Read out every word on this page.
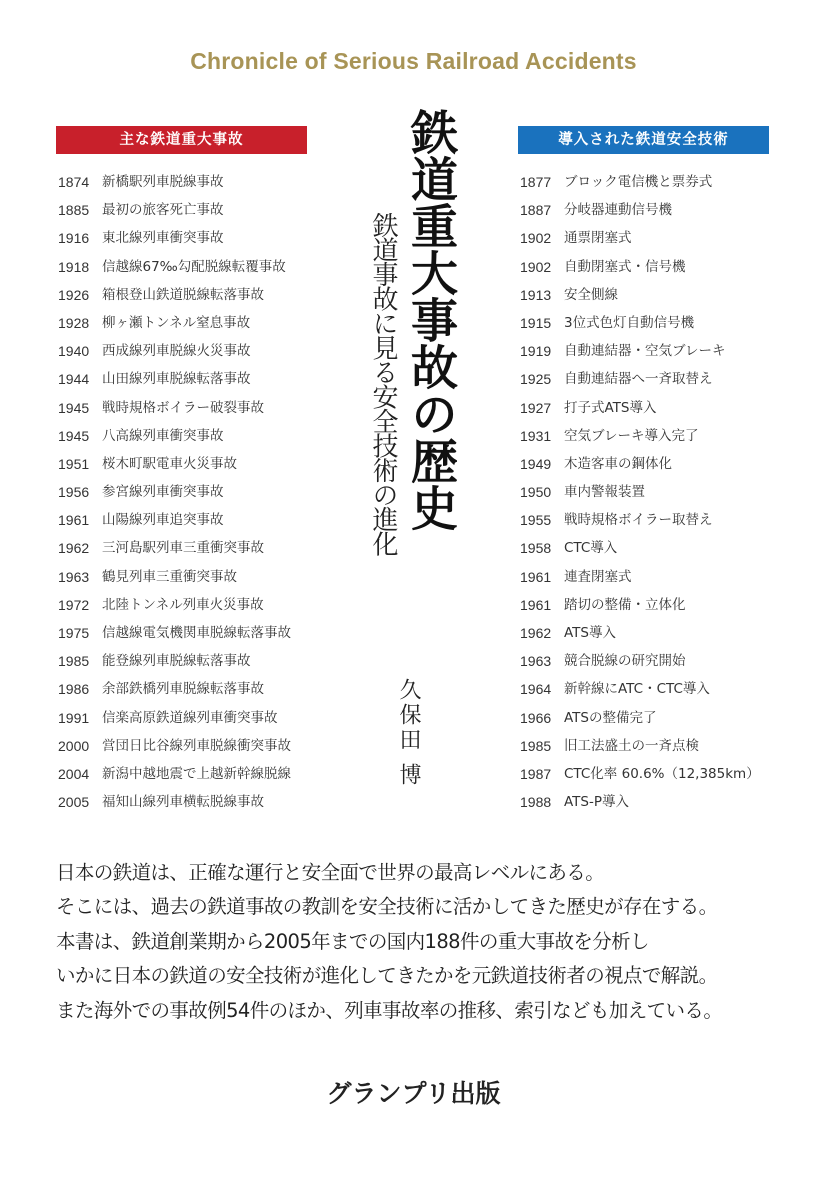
Chronicle of Serious Railroad Accidents
主な鉄道重大事故	導入された鉄道安全技術
1874 新橋駅列車脱線事故
1885 最初の旅客死亡事故
1916 東北線列車衝突事故
1918 信越線67‰勾配脱線転覆事故
1926 箱根登山鉄道脱線転落事故
1928 柳ヶ瀬トンネル窒息事故
1940 西成線列車脱線火災事故
1944 山田線列車脱線転落事故
1945 戦時規格ボイラー破裂事故
1945 八高線列車衝突事故
1951 桜木町駅電車火災事故
1956 参宮線列車衝突事故
1961 山陽線列車追突事故
1962 三河島駅列車三重衝突事故
1963 鶴見列車三重衝突事故
1972 北陸トンネル列車火災事故
1975 信越線電気機関車脱線転落事故
1985 能登線列車脱線転落事故
1986 余部鉄橋列車脱線転落事故
1991 信楽高原鉄道線列車衝突事故
2000 営団日比谷線列車脱線衝突事故
2004 新潟中越地震で上越新幹線脱線
2005 福知山線列車横転脱線事故
1877 ブロック電信機と票券式
1887 分岐器連動信号機
1902 通票閉塞式
1902 自動閉塞式・信号機
1913 安全側線
1915 3位式色灯自動信号機
1919 自動連結器・空気ブレーキ
1925 自動連結器へ一斉取替え
1927 打子式ATS導入
1931 空気ブレーキ導入完了
1949 木造客車の鋼体化
1950 車内警報装置
1955 戦時規格ボイラー取替え
1958 CTC導入
1961 連査閉塞式
1961 踏切の整備・立体化
1962 ATS導入
1963 競合脱線の研究開始
1964 新幹線にATC・CTC導入
1966 ATSの整備完了
1985 旧工法盛土の一斉点検
1987 CTC化率 60.6%（12,385km）
1988 ATS-P導入
鉄道重大事故の歴史
鉄道事故に見る安全技術の進化
久保田 博

日本の鉄道は、正確な運行と安全面で世界の最高レベルにある。

そこには、過去の鉄道事故の教訓を安全技術に活かしてきた歴史が存在する。

本書は、鉄道創業期から2005年までの国内188件の重大事故を分析し

いかに日本の鉄道の安全技術が進化してきたかを元鉄道技術者の視点で解説。

また海外での事故例54件のほか、列車事故率の推移、索引なども加えている。

グランプリ出版
